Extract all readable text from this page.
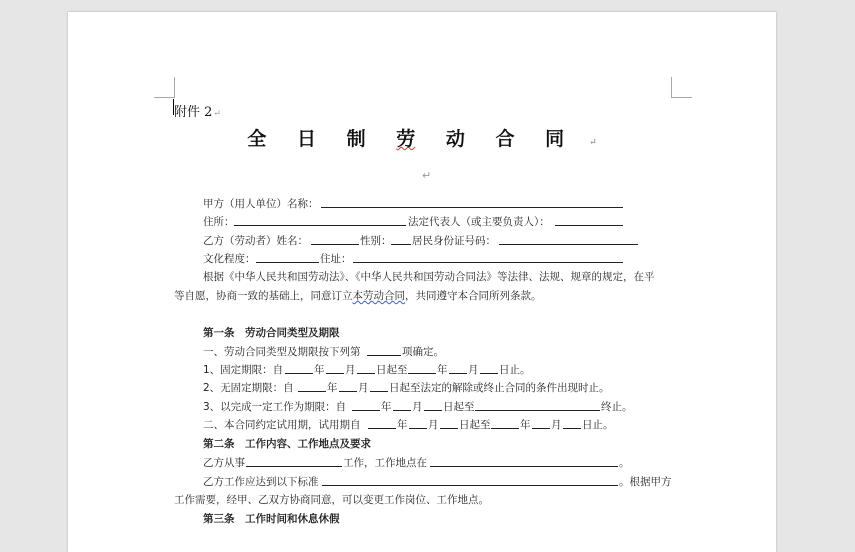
附件 2↵
全 日 制 劳 动 合 同	↵
↵
甲方（用人单位）名称：
住所：	法定代表人（或主要负责人）：
乙方（劳动者）姓名：	性别： 居民身份证号码：
文化程度：	住址：
根据《中华人民共和国劳动法》、《中华人民共和国劳动合同法》等法律、法规、规章的规定，在平
等自愿，协商一致的基础上，同意订立本劳动合同，共同遵守本合同所列条款。
第一条　劳动合同类型及期限
一、劳动合同类型及期限按下列第	项确定。
1、固定期限：自	年 月 日起至	年 月 日止。
2、无固定期限：自	年 月 日起至法定的解除或终止合同的条件出现时止。
3、以完成一定工作为期限：自	年 月 日起至	终止。
二、本合同约定试用期，试用期自	年 月 日起至	年 月 日止。
第二条　工作内容、工作地点及要求
乙方从事	工作，工作地点在	。
乙方工作应达到以下标准	。根据甲方
工作需要，经甲、乙双方协商同意，可以变更工作岗位、工作地点。
第三条　工作时间和休息休假
